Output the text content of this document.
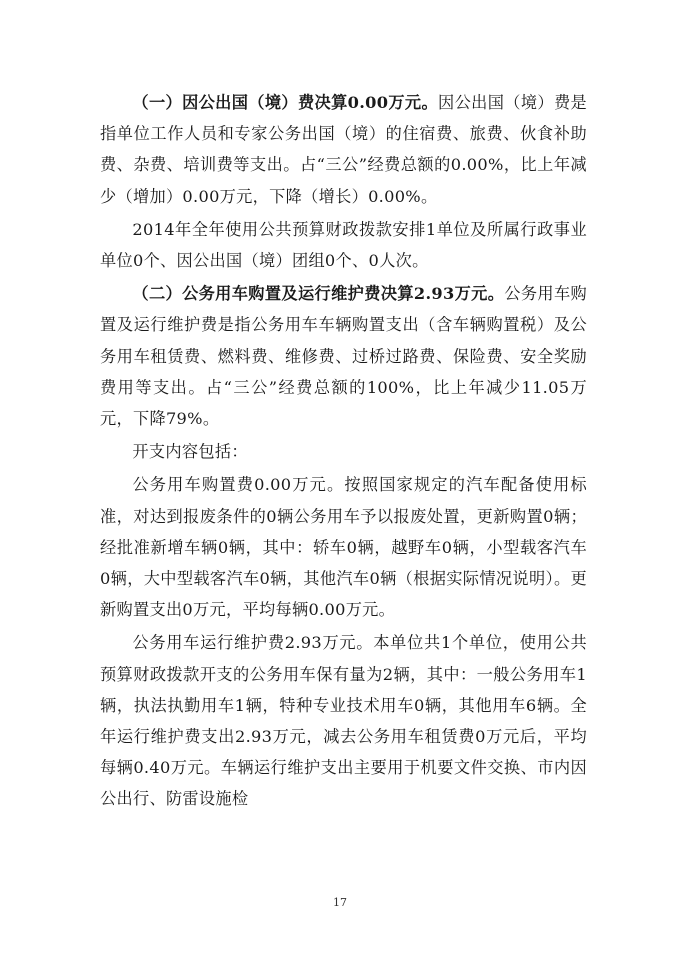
（一）因公出国（境）费决算0.00万元。因公出国（境）费是指单位工作人员和专家公务出国（境）的住宿费、旅费、伙食补助费、杂费、培训费等支出。占“三公”经费总额的0.00%，比上年减少（增加）0.00万元，下降（增长）0.00%。

2014年全年使用公共预算财政拨款安排1单位及所属行政事业单位0个、因公出国（境）团组0个、0人次。

（二）公务用车购置及运行维护费决算2.93万元。公务用车购置及运行维护费是指公务用车车辆购置支出（含车辆购置税）及公务用车租赁费、燃料费、维修费、过桥过路费、保险费、安全奖励费用等支出。占“三公”经费总额的100%，比上年减少11.05万元，下降79%。

开支内容包括：

公务用车购置费0.00万元。按照国家规定的汽车配备使用标准，对达到报废条件的0辆公务用车予以报废处置，更新购置0辆；经批准新增车辆0辆，其中：轿车0辆，越野车0辆，小型载客汽车0辆，大中型载客汽车0辆，其他汽车0辆（根据实际情况说明）。更新购置支出0万元，平均每辆0.00万元。

公务用车运行维护费2.93万元。本单位共1个单位，使用公共预算财政拨款开支的公务用车保有量为2辆，其中：一般公务用车1辆，执法执勤用车1辆，特种专业技术用车0辆，其他用车6辆。全年运行维护费支出2.93万元，减去公务用车租赁费0万元后，平均每辆0.40万元。车辆运行维护支出主要用于机要文件交换、市内因公出行、防雷设施检

17
